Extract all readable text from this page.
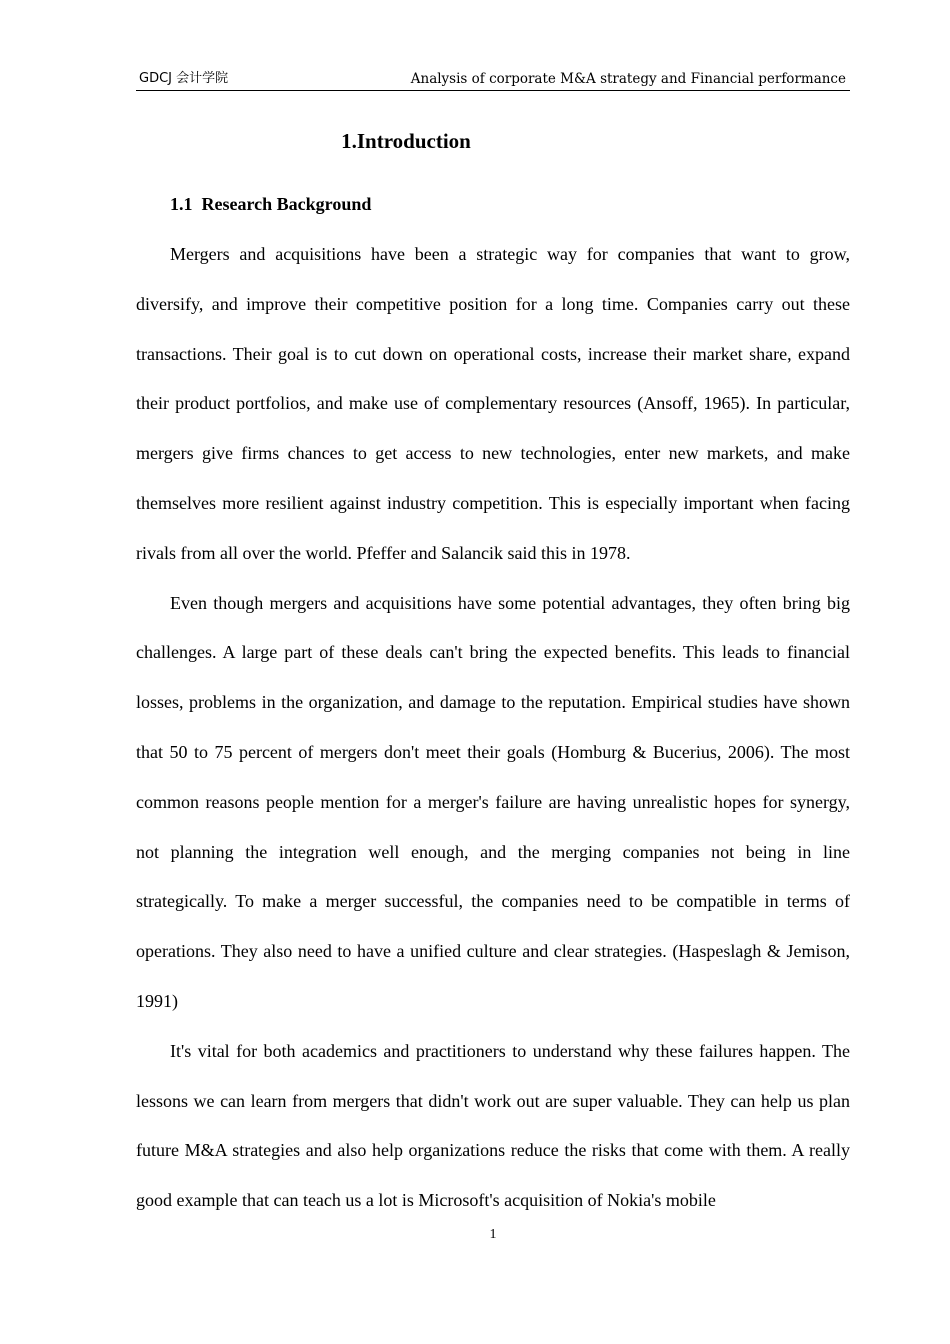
GDCJ 会计学院	Analysis of corporate M&A strategy and Financial performance
1.Introduction
1.1  Research Background

Mergers and acquisitions have been a strategic way for companies that want to grow, diversify, and improve their competitive position for a long time. Companies carry out these transactions. Their goal is to cut down on operational costs, increase their market share, expand their product portfolios, and make use of complementary resources (Ansoff, 1965). In particular, mergers give firms chances to get access to new technologies, enter new markets, and make themselves more resilient against industry competition. This is especially important when facing rivals from all over the world. Pfeffer and Salancik said this in 1978.

Even though mergers and acquisitions have some potential advantages, they often bring big challenges. A large part of these deals can't bring the expected benefits. This leads to financial losses, problems in the organization, and damage to the reputation. Empirical studies have shown that 50 to 75 percent of mergers don't meet their goals (Homburg & Bucerius, 2006). The most common reasons people mention for a merger's failure are having unrealistic hopes for synergy, not planning the integration well enough, and the merging companies not being in line strategically. To make a merger successful, the companies need to be compatible in terms of operations. They also need to have a unified culture and clear strategies. (Haspeslagh & Jemison, 1991)

It's vital for both academics and practitioners to understand why these failures happen. The lessons we can learn from mergers that didn't work out are super valuable. They can help us plan future M&A strategies and also help organizations reduce the risks that come with them. A really good example that can teach us a lot is Microsoft's acquisition of Nokia's mobile

1
